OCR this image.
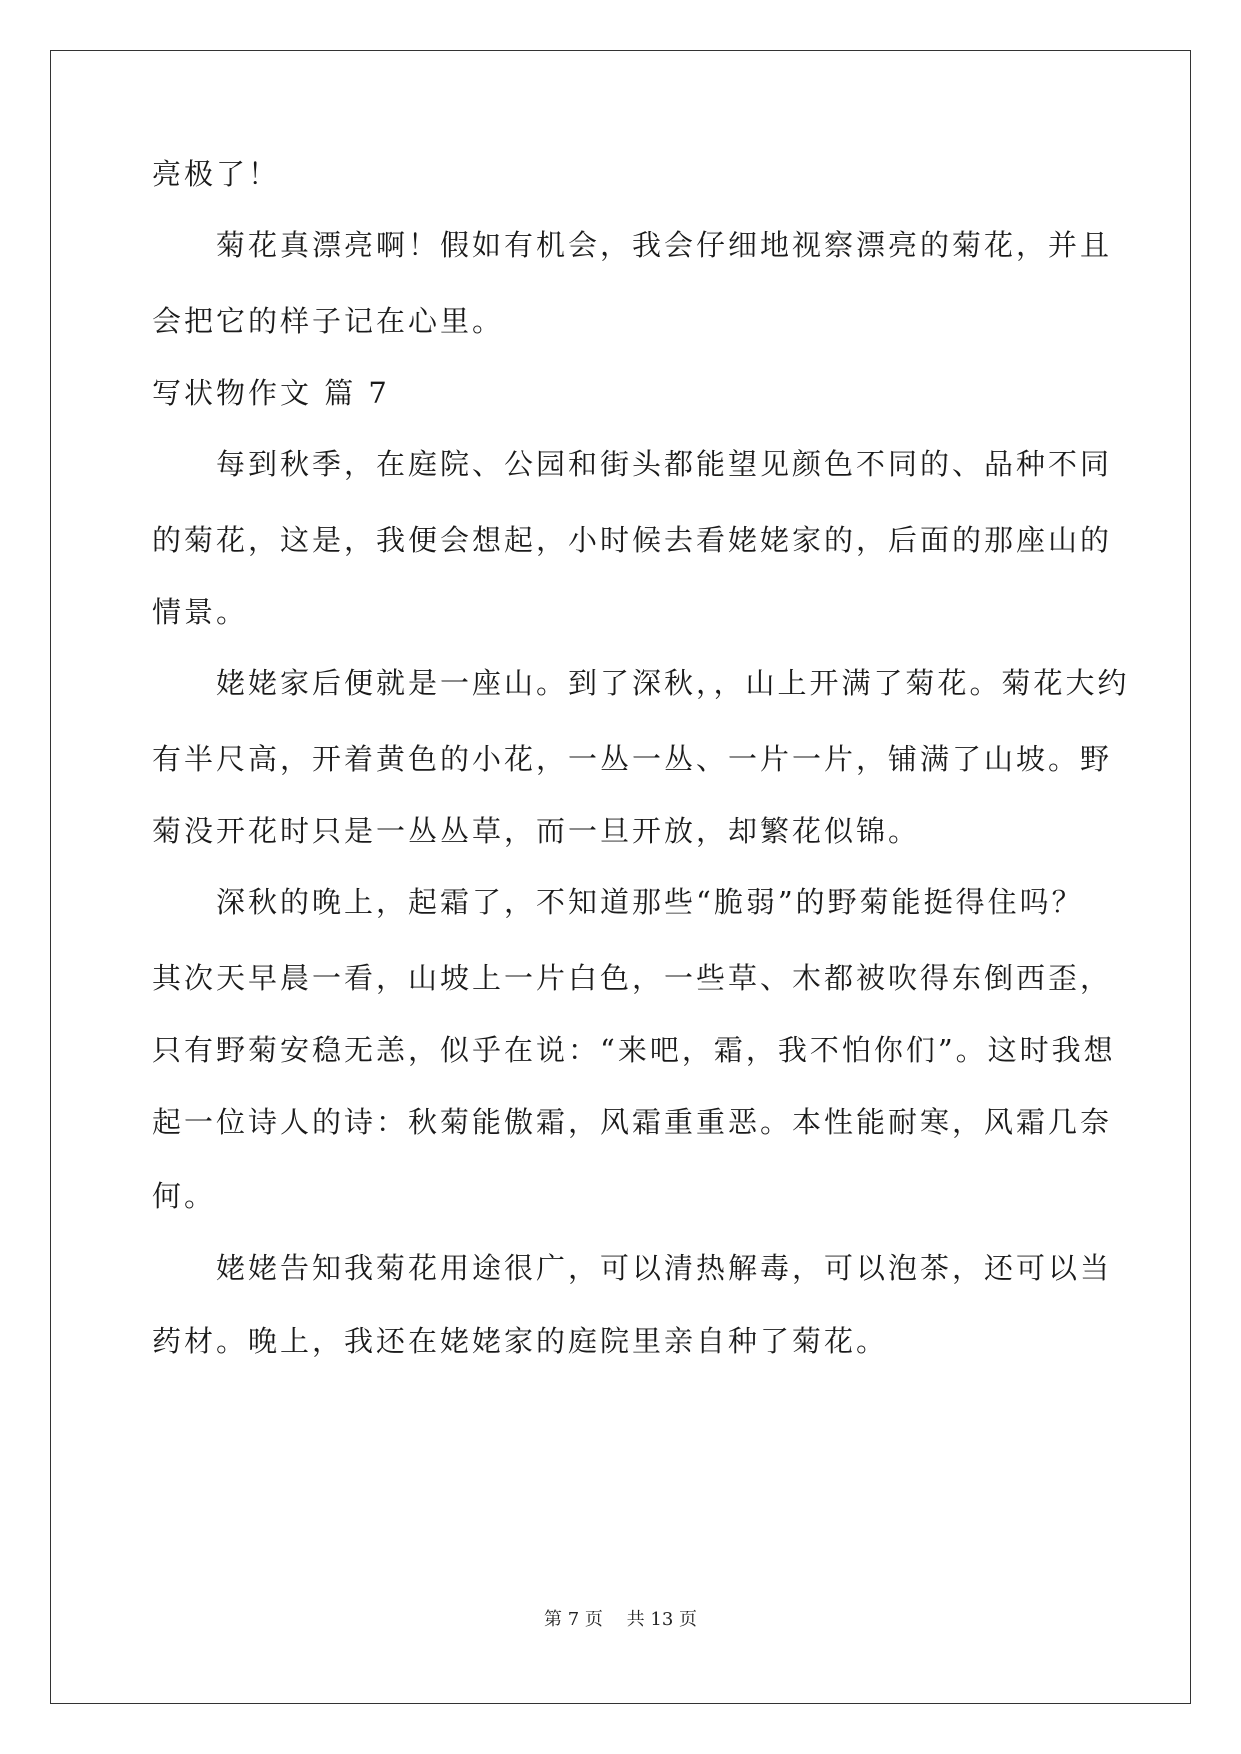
亮极了！
菊花真漂亮啊！假如有机会，我会仔细地视察漂亮的菊花，并且
会把它的样子记在心里。
写状物作文 篇 7
每到秋季，在庭院、公园和街头都能望见颜色不同的、品种不同
的菊花，这是，我便会想起，小时候去看姥姥家的，后面的那座山的
情景。
姥姥家后便就是一座山。到了深秋，，山上开满了菊花。菊花大约
有半尺高，开着黄色的小花，一丛一丛、一片一片，铺满了山坡。野
菊没开花时只是一丛丛草，而一旦开放，却繁花似锦。
深秋的晚上，起霜了，不知道那些“脆弱”的野菊能挺得住吗？
其次天早晨一看，山坡上一片白色，一些草、木都被吹得东倒西歪，
只有野菊安稳无恙，似乎在说：“来吧，霜，我不怕你们”。这时我想
起一位诗人的诗：秋菊能傲霜，风霜重重恶。本性能耐寒，风霜几奈
何。
姥姥告知我菊花用途很广，可以清热解毒，可以泡茶，还可以当
药材。晚上，我还在姥姥家的庭院里亲自种了菊花。
第 7 页 共 13 页
